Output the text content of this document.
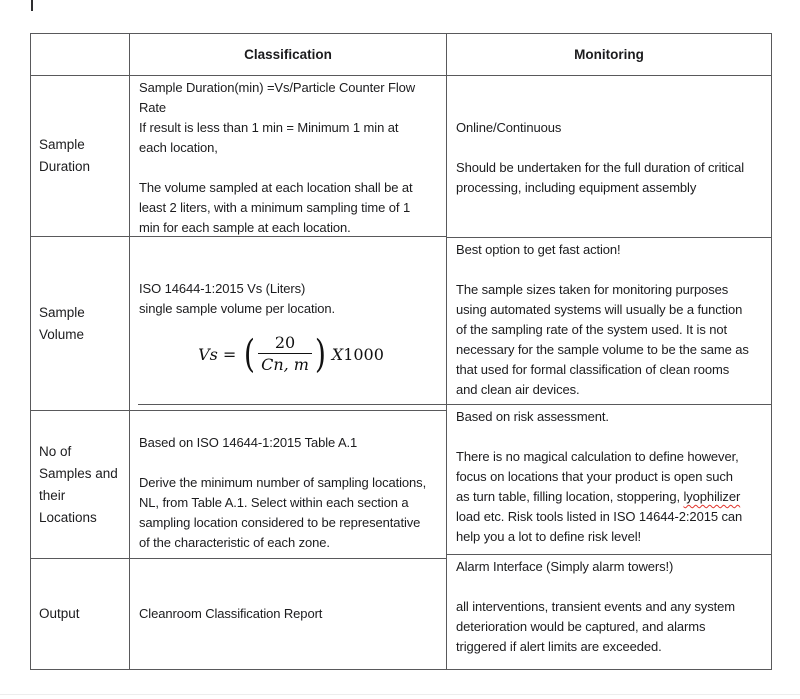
Sample
Duration
Sample
Volume
No of
Samples and
their
Locations
Output
Classification
Sample Duration(min) =Vs/Particle Counter Flow
Rate
If result is less than 1 min = Minimum 1 min at
each location,
The volume sampled at each location shall be at
least 2 liters, with a minimum sampling time of 1
min for each sample at each location.
ISO 14644-1:2015 Vs (Liters)
single sample volume per location.
Vs = ( $\frac{20}{Cn, m}$ ) X 1000
Based on ISO 14644-1:2015 Table A.1
Derive the minimum number of sampling locations,
NL, from Table A.1. Select within each section a
sampling location considered to be representative
of the characteristic of each zone.
Cleanroom Classification Report
Monitoring
Online/Continuous
Should be undertaken for the full duration of critical
processing, including equipment assembly
Best option to get fast action!
The sample sizes taken for monitoring purposes
using automated systems will usually be a function
of the sampling rate of the system used. It is not
necessary for the sample volume to be the same as
that used for formal classification of clean rooms
and clean air devices.
Based on risk assessment.
There is no magical calculation to define however,
focus on locations that your product is open such
as turn table, filling location, stoppering, lyophilizer
load etc. Risk tools listed in ISO 14644-2:2015 can
help you a lot to define risk level!
Alarm Interface (Simply alarm towers!)
all interventions, transient events and any system
deterioration would be captured, and alarms
triggered if alert limits are exceeded.
